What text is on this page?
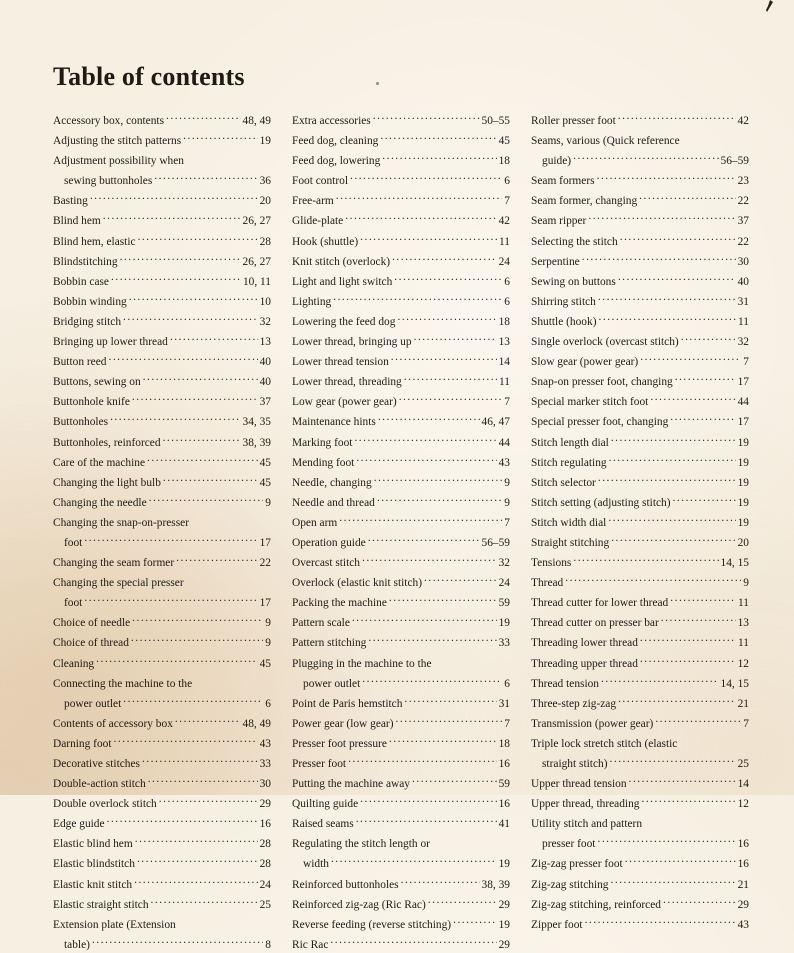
Table of contents
Accessory box, contents .....	48, 49
Adjusting the stitch patterns .....	19
Adjustment possibility when
sewing buttonholes .....	36
Basting .....	20
Blind hem .....	26, 27
Blind hem, elastic .....	28
Blindstitching .....	26, 27
Bobbin case .....	10, 11
Bobbin winding .....	10
Bridging stitch .....	32
Bringing up lower thread .....	13
Button reed .....	40
Buttons, sewing on .....	40
Buttonhole knife .....	37
Buttonholes .....	34, 35
Buttonholes, reinforced .....	38, 39
Care of the machine .....	45
Changing the light bulb .....	45
Changing the needle .....	9
Changing the snap-on-presser
foot .....	17
Changing the seam former .....	22
Changing the special presser
foot .....	17
Choice of needle .....	9
Choice of thread .....	9
Cleaning .....	45
Connecting the machine to the
power outlet .....	6
Contents of accessory box .....	48, 49
Darning foot .....	43
Decorative stitches .....	33
Double-action stitch .....	30
Double overlock stitch .....	29
Edge guide .....	16
Elastic blind hem .....	28
Elastic blindstitch .....	28
Elastic knit stitch .....	24
Elastic straight stitch .....	25
Extension plate (Extension
table) .....	8
Extra accessories .....	50–55
Feed dog, cleaning .....	45
Feed dog, lowering .....	18
Foot control .....	6
Free-arm .....	7
Glide-plate .....	42
Hook (shuttle) .....	11
Knit stitch (overlock) .....	24
Light and light switch .....	6
Lighting .....	6
Lowering the feed dog .....	18
Lower thread, bringing up .....	13
Lower thread tension .....	14
Lower thread, threading .....	11
Low gear (power gear) .....	7
Maintenance hints .....	46, 47
Marking foot .....	44
Mending foot .....	43
Needle, changing .....	9
Needle and thread .....	9
Open arm .....	7
Operation guide .....	56–59
Overcast stitch .....	32
Overlock (elastic knit stitch) .....	24
Packing the machine .....	59
Pattern scale .....	19
Pattern stitching .....	33
Plugging in the machine to the
power outlet .....	6
Point de Paris hemstitch .....	31
Power gear (low gear) .....	7
Presser foot pressure .....	18
Presser foot .....	16
Putting the machine away .....	59
Quilting guide .....	16
Raised seams .....	41
Regulating the stitch length or
width .....	19
Reinforced buttonholes .....	38, 39
Reinforced zig-zag (Ric Rac) .....	29
Reverse feeding (reverse stitching) .....	19
Ric Rac .....	29
Roller presser foot .....	42
Seams, various (Quick reference
guide) .....	56–59
Seam formers .....	23
Seam former, changing .....	22
Seam ripper .....	37
Selecting the stitch .....	22
Serpentine .....	30
Sewing on buttons .....	40
Shirring stitch .....	31
Shuttle (hook) .....	11
Single overlock (overcast stitch) .....	32
Slow gear (power gear) .....	7
Snap-on presser foot, changing .....	17
Special marker stitch foot .....	44
Special presser foot, changing .....	17
Stitch length dial .....	19
Stitch regulating .....	19
Stitch selector .....	19
Stitch setting (adjusting stitch) .....	19
Stitch width dial .....	19
Straight stitching .....	20
Tensions .....	14, 15
Thread .....	9
Thread cutter for lower thread .....	11
Thread cutter on presser bar .....	13
Threading lower thread .....	11
Threading upper thread .....	12
Thread tension .....	14, 15
Three-step zig-zag .....	21
Transmission (power gear) .....	7
Triple lock stretch stitch (elastic
straight stitch) .....	25
Upper thread tension .....	14
Upper thread, threading .....	12
Utility stitch and pattern
presser foot .....	16
Zig-zag presser foot .....	16
Zig-zag stitching .....	21
Zig-zag stitching, reinforced .....	29
Zipper foot .....	43
